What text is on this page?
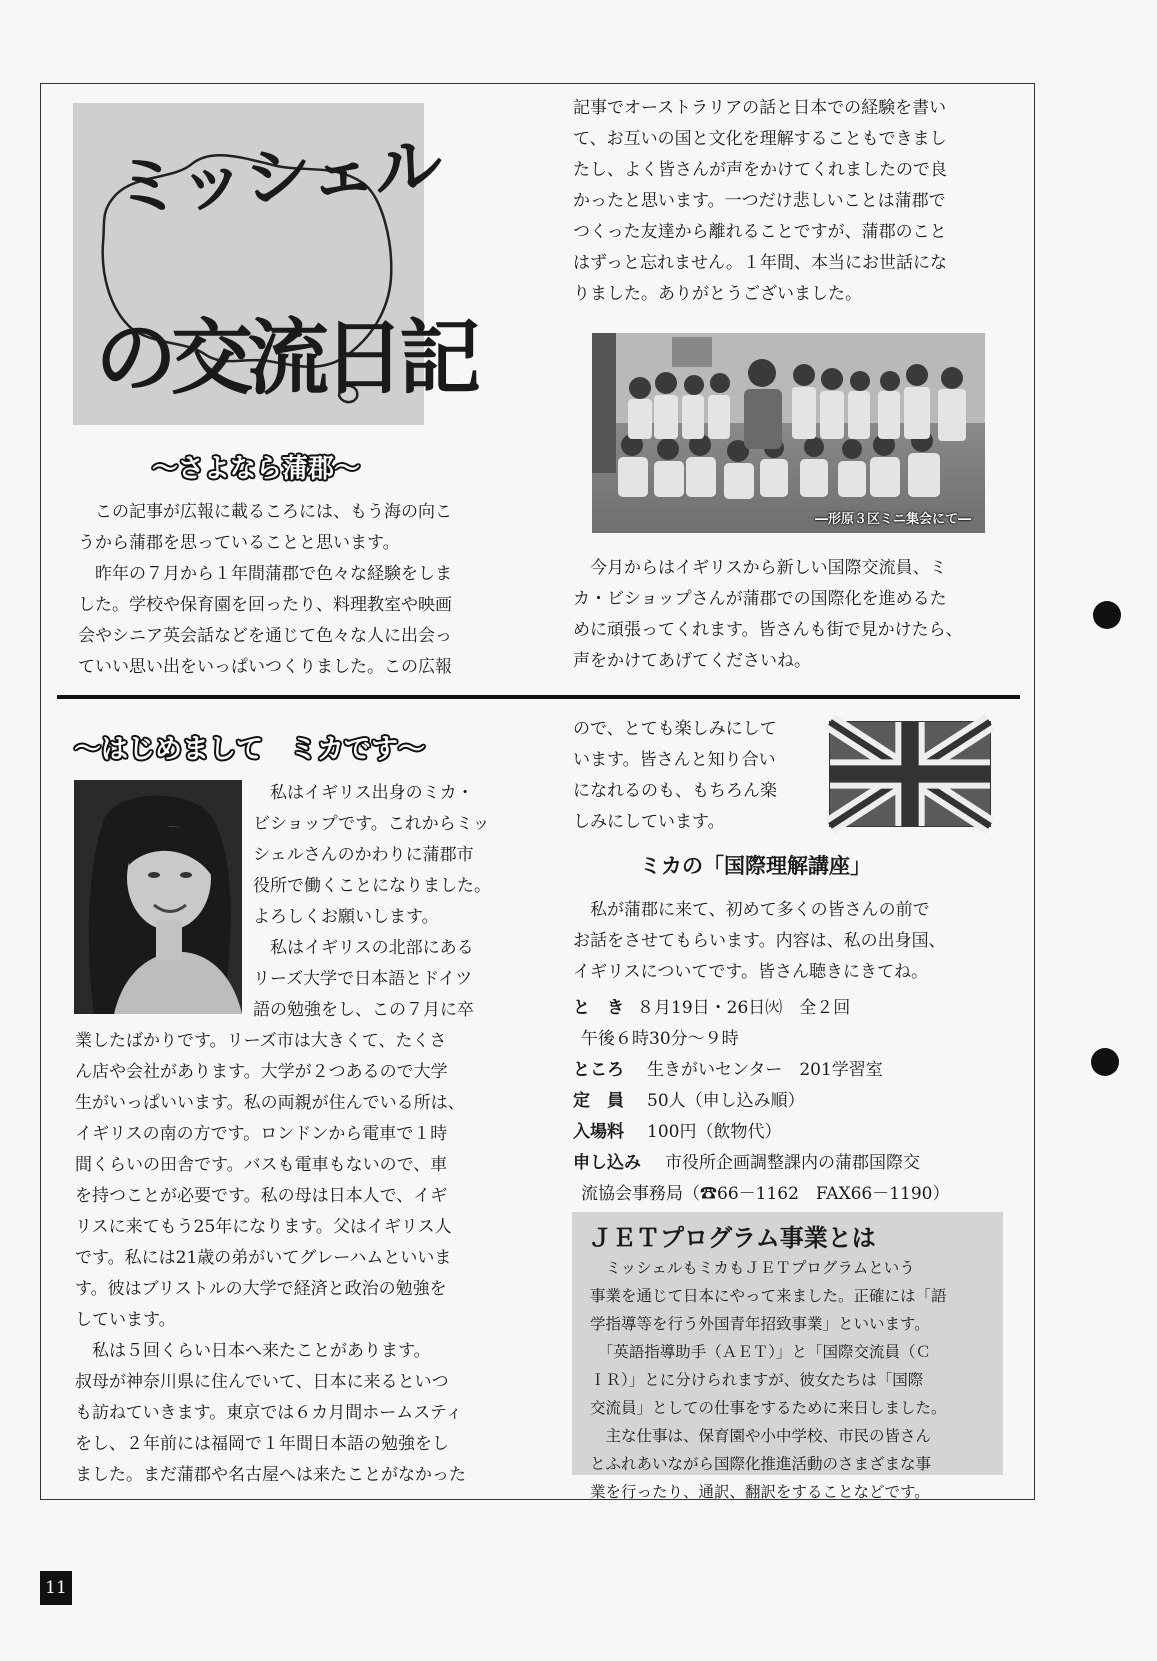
ミッシェル
の交流日記
～さよなら蒲郡～
　この記事が広報に載るころには、もう海の向こ
うから蒲郡を思っていることと思います。
　昨年の７月から１年間蒲郡で色々な経験をしま
した。学校や保育園を回ったり、料理教室や映画
会やシニア英会話などを通じて色々な人に出会っ
ていい思い出をいっぱいつくりました。この広報
記事でオーストラリアの話と日本での経験を書い
て、お互いの国と文化を理解することもできまし
たし、よく皆さんが声をかけてくれましたので良
かったと思います。一つだけ悲しいことは蒲郡で
つくった友達から離れることですが、蒲郡のこと
はずっと忘れません。１年間、本当にお世話にな
りました。ありがとうございました。
―形原３区ミニ集会にて―
　今月からはイギリスから新しい国際交流員、ミ
カ・ビショップさんが蒲郡での国際化を進めるた
めに頑張ってくれます。皆さんも街で見かけたら、
声をかけてあげてくださいね。
～はじめまして　ミカです～
　私はイギリス出身のミカ・
ビショップです。これからミッ
シェルさんのかわりに蒲郡市
役所で働くことになりました。
よろしくお願いします。
　私はイギリスの北部にある
リーズ大学で日本語とドイツ
語の勉強をし、この７月に卒
業したばかりです。リーズ市は大きくて、たくさ
ん店や会社があります。大学が２つあるので大学
生がいっぱいいます。私の両親が住んでいる所は、
イギリスの南の方です。ロンドンから電車で１時
間くらいの田舎です。バスも電車もないので、車
を持つことが必要です。私の母は日本人で、イギ
リスに来てもう25年になります。父はイギリス人
です。私には21歳の弟がいてグレーハムといいま
す。彼はブリストルの大学で経済と政治の勉強を
しています。
　私は５回くらい日本へ来たことがあります。
叔母が神奈川県に住んでいて、日本に来るといつ
も訪ねていきます。東京では６カ月間ホームスティ
をし、２年前には福岡で１年間日本語の勉強をし
ました。まだ蒲郡や名古屋へは来たことがなかった
ので、とても楽しみにして
います。皆さんと知り合い
になれるのも、もちろん楽
しみにしています。
ミカの「国際理解講座」
　私が蒲郡に来て、初めて多くの皆さんの前で
お話をさせてもらいます。内容は、私の出身国、
イギリスについてです。皆さん聴きにきてね。
と　き ８月19日・26日㈫　全２回
午後６時30分～９時
ところ 生きがいセンター　201学習室
定　員 50人（申し込み順）
入場料 100円（飲物代）
申し込み 市役所企画調整課内の蒲郡国際交
流協会事務局（☎66－1162　FAX66－1190）
ＪＥＴプログラム事業とは
　ミッシェルもミカもＪＥＴプログラムという
事業を通じて日本にやって来ました。正確には「語
学指導等を行う外国青年招致事業」といいます。
　「英語指導助手（ＡＥＴ）」と「国際交流員（Ｃ
ＩＲ）」とに分けられますが、彼女たちは「国際
交流員」としての仕事をするために来日しました。
　主な仕事は、保育園や小中学校、市民の皆さん
とふれあいながら国際化推進活動のさまざまな事
業を行ったり、通訳、翻訳をすることなどです。
11
